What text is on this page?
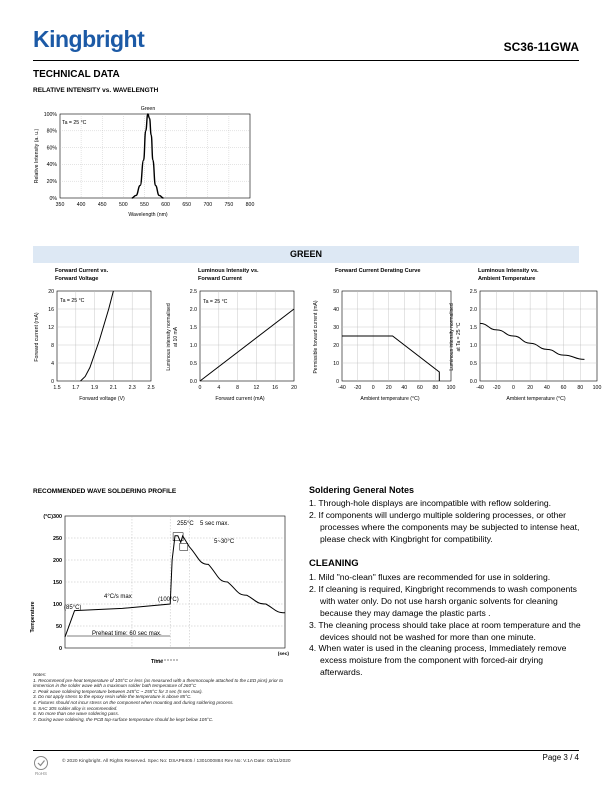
Kingbright	SC36-11GWA
TECHNICAL DATA
RELATIVE INTENSITY vs. WAVELENGTH
0%
20%
40%
60%
80%
100%
350 400 450 500 550 600 650 700 750 800
Green
Ta = 25 °C
Wavelength (nm)
Relative Intensity (a. u.)
GREEN
Forward Current vs.
Forward Voltage
Luminous Intensity vs.
Forward Current
Forward Current Derating Curve	Luminous Intensity vs.
Ambient Temperature
0
4
8
12
16
20
1.5 1.7 1.9 2.1 2.3 2.5
Ta = 25 °C
Forward voltage (V)
Forward current (mA)
0.0
0.5
1.0
1.5
2.0
2.5
0	4	8	12	16	20
Ta = 25 °C
Forward current (mA)
Luminous intensity normalised at 10 mA
0
10
20
30
40
50
-40 -20 0 20 40 60 80 100
Ambient temperature (°C)
Permissible forward current (mA)
0.0
0.5
1.0
1.5
2.0
2.5
-40 -20 0 20 40 60 80 100
Ambient temperature (°C)
Luminous intensity normalised at Ta = 25 °C
RECOMMENDED WAVE SOLDERING PROFILE
0
50
100
150
200
250
(°C)300
Temperature
Time
(sec)
255°C 5 sec max.
5~30°C
4°C/s max	(100°C)
(85°C)
Preheat time: 60 sec max.
Soldering General Notes
1. Through-hole displays are incompatible with reflow soldering.
2. If components will undergo multiple soldering processes, or other processes where the components may be subjected to intense heat, please check with Kingbright for compatibility.
CLEANING
1. Mild "no-clean" fluxes are recommended for use in soldering.
2. If cleaning is required, Kingbright recommends to wash components with water only. Do not use harsh organic solvents for cleaning because they may damage the plastic parts .
3. The cleaning process should take place at room temperature and the devices should not be washed for more than one minute.
4. When water is used in the cleaning process, Immediately remove excess moisture from the component with forced-air drying afterwards.
Notes:
1. Recommend pre-heat temperature of 105°C or less (as measured with a thermocouple attached to the LED pins) prior to immersion in the solder wave with a maximum solder bath temperature of 260°C
2. Peak wave soldering temperature between 245°C ~ 255°C for 3 sec (5 sec max).
3. Do not apply stress to the epoxy resin while the temperature is above 85°C.
4. Fixtures should not incur stress on the component when mounting and during soldering process.
5. SAC 305 solder alloy is recommended.
6. No more than one wave soldering pass.
7. During wave soldering, the PCB top-surface temperature should be kept below 105°C.
RoHS
© 2020 Kingbright. All Rights Reserved. Spec No: DSAP8405 / 1301000884 Rev No: V.1A Date: 03/11/2020	Page 3 / 4
